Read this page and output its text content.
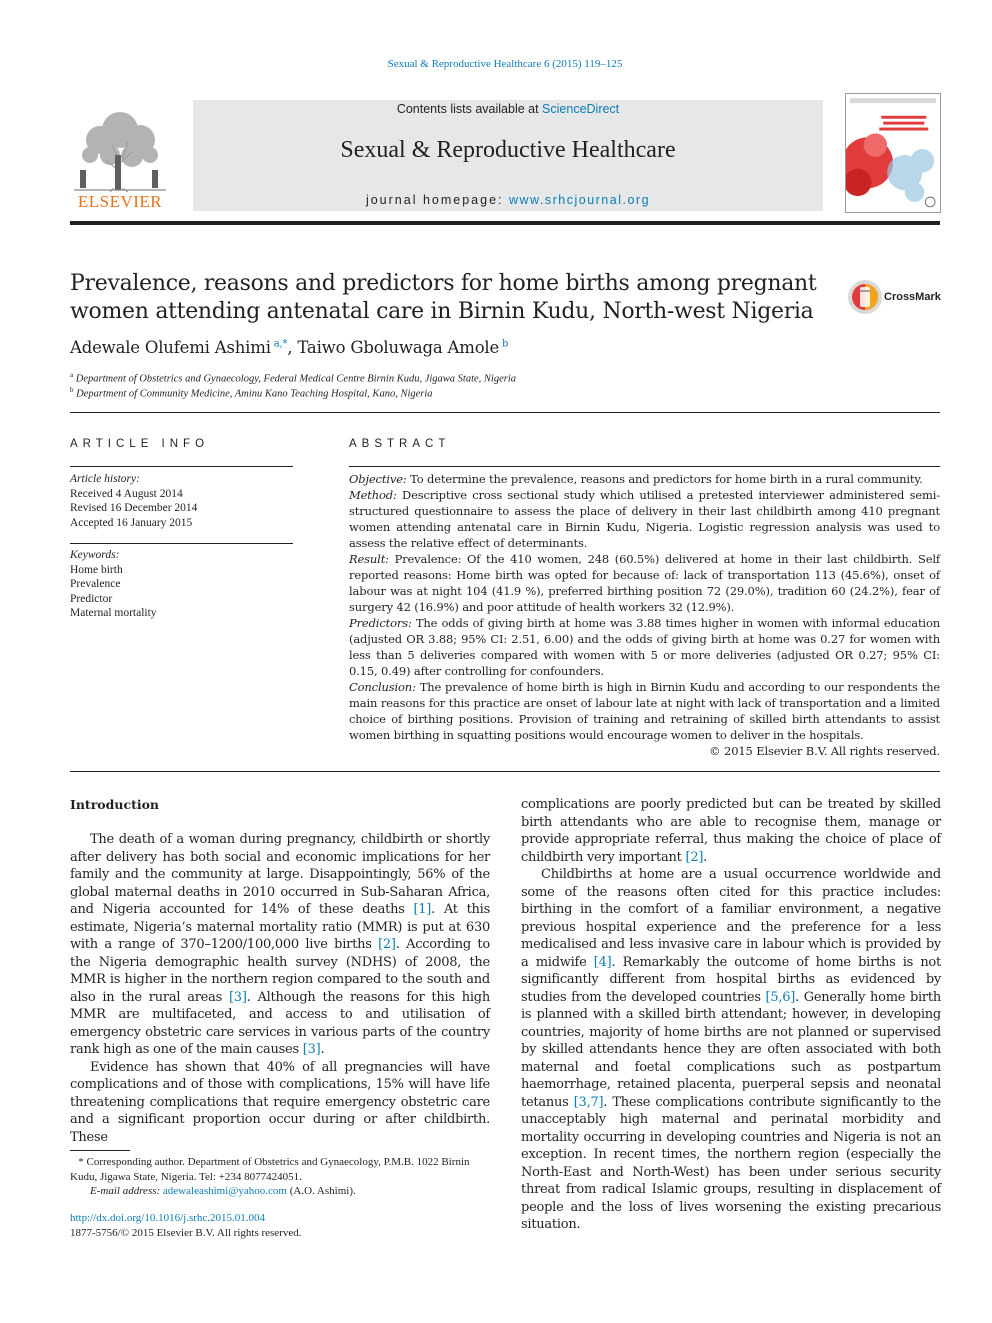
Sexual & Reproductive Healthcare 6 (2015) 119–125
ELSEVIER
Contents lists available at ScienceDirect
Sexual & Reproductive Healthcare
journal homepage: www.srhcjournal.org
Prevalence, reasons and predictors for home births among pregnant
women attending antenatal care in Birnin Kudu, North-west Nigeria
CrossMark
Adewale Olufemi Ashimi $^{a,*}$, Taiwo Gboluwaga Amole $^b$
$^a$ Department of Obstetrics and Gynaecology, Federal Medical Centre Birnin Kudu, Jigawa State, Nigeria
$^b$ Department of Community Medicine, Aminu Kano Teaching Hospital, Kano, Nigeria
ARTICLE INFO	ABSTRACT
Article history:
Received 4 August 2014
Revised 16 December 2014
Accepted 16 January 2015
Keywords:
Home birth
Prevalence
Predictor
Maternal mortality

Objective: To determine the prevalence, reasons and predictors for home birth in a rural community.

Method: Descriptive cross sectional study which utilised a pretested interviewer administered semi-structured questionnaire to assess the place of delivery in their last childbirth among 410 pregnant women attending antenatal care in Birnin Kudu, Nigeria. Logistic regression analysis was used to assess the relative effect of determinants.

Result: Prevalence: Of the 410 women, 248 (60.5%) delivered at home in their last childbirth. Self reported reasons: Home birth was opted for because of: lack of transportation 113 (45.6%), onset of labour was at night 104 (41.9 %), preferred birthing position 72 (29.0%), tradition 60 (24.2%), fear of surgery 42 (16.9%) and poor attitude of health workers 32 (12.9%).

Predictors: The odds of giving birth at home was 3.88 times higher in women with informal education (adjusted OR 3.88; 95% CI: 2.51, 6.00) and the odds of giving birth at home was 0.27 for women with less than 5 deliveries compared with women with 5 or more deliveries (adjusted OR 0.27; 95% CI: 0.15, 0.49) after controlling for confounders.

Conclusion: The prevalence of home birth is high in Birnin Kudu and according to our respondents the main reasons for this practice are onset of labour late at night with lack of transportation and a limited choice of birthing positions. Provision of training and retraining of skilled birth attendants to assist women birthing in squatting positions would encourage women to deliver in the hospitals.

© 2015 Elsevier B.V. All rights reserved.

Introduction

The death of a woman during pregnancy, childbirth or shortly after delivery has both social and economic implications for her family and the community at large. Disappointingly, 56% of the global maternal deaths in 2010 occurred in Sub-Saharan Africa, and Nigeria accounted for 14% of these deaths [1]. At this estimate, Nigeria’s maternal mortality ratio (MMR) is put at 630 with a range of 370–1200/100,000 live births [2]. According to the Nigeria demographic health survey (NDHS) of 2008, the MMR is higher in the northern region compared to the south and also in the rural areas [3]. Although the reasons for this high MMR are multifaceted, and access to and utilisation of emergency obstetric care services in various parts of the country rank high as one of the main causes [3].

Evidence has shown that 40% of all pregnancies will have complications and of those with complications, 15% will have life threatening complications that require emergency obstetric care and a significant proportion occur during or after childbirth. These

complications are poorly predicted but can be treated by skilled birth attendants who are able to recognise them, manage or provide appropriate referral, thus making the choice of place of childbirth very important [2].

Childbirths at home are a usual occurrence worldwide and some of the reasons often cited for this practice includes: birthing in the comfort of a familiar environment, a negative previous hospital experience and the preference for a less medicalised and less invasive care in labour which is provided by a midwife [4]. Remarkably the outcome of home births is not significantly different from hospital births as evidenced by studies from the developed countries [5,6]. Generally home birth is planned with a skilled birth attendant; however, in developing countries, majority of home births are not planned or supervised by skilled attendants hence they are often associated with both maternal and foetal complications such as postpartum haemorrhage, retained placenta, puerperal sepsis and neonatal tetanus [3,7]. These complications contribute significantly to the unacceptably high maternal and perinatal morbidity and mortality occurring in developing countries and Nigeria is not an exception. In recent times, the northern region (especially the North-East and North-West) has been under serious security threat from radical Islamic groups, resulting in displacement of people and the loss of lives worsening the existing precarious situation.

* Corresponding author. Department of Obstetrics and Gynaecology, P.M.B. 1022 Birnin Kudu, Jigawa State, Nigeria. Tel: +234 8077424051.
E-mail address: adewaleashimi@yahoo.com (A.O. Ashimi).
http://dx.doi.org/10.1016/j.srhc.2015.01.004
1877-5756/© 2015 Elsevier B.V. All rights reserved.
